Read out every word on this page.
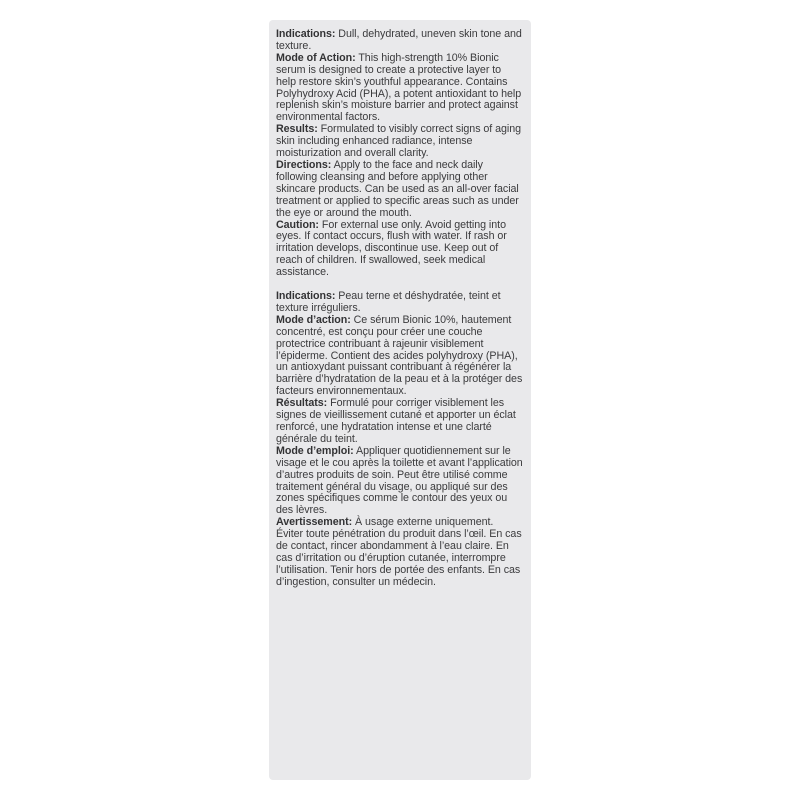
Indications: Dull, dehydrated, uneven skin tone and texture.

Mode of Action: This high-strength 10% Bionic serum is designed to create a protective layer to help restore skin’s youthful appearance. Contains Polyhydroxy Acid (PHA), a potent antioxidant to help replenish skin’s moisture barrier and protect against environmental factors.

Results: Formulated to visibly correct signs of aging skin including enhanced radiance, intense moisturization and overall clarity.

Directions: Apply to the face and neck daily following cleansing and before applying other skincare products. Can be used as an all-over facial treatment or applied to specific areas such as under the eye or around the mouth.

Caution: For external use only. Avoid getting into eyes. If contact occurs, flush with water. If rash or irritation develops, discontinue use. Keep out of reach of children. If swallowed, seek medical assistance.

Indications: Peau terne et déshydratée, teint et texture irréguliers.

Mode d’action: Ce sérum Bionic 10%, hautement concentré, est conçu pour créer une couche protectrice contribuant à rajeunir visiblement l’épiderme. Contient des acides polyhydroxy (PHA), un antioxydant puissant contribuant à régénérer la barrière d’hydratation de la peau et à la protéger des facteurs environnementaux.

Résultats: Formulé pour corriger visiblement les signes de vieillissement cutané et apporter un éclat renforcé, une hydratation intense et une clarté générale du teint.

Mode d’emploi: Appliquer quotidiennement sur le visage et le cou après la toilette et avant l’application d’autres produits de soin. Peut être utilisé comme traitement général du visage, ou appliqué sur des zones spécifiques comme le contour des yeux ou des lèvres.

Avertissement: À usage externe uniquement. Éviter toute pénétration du produit dans l’œil. En cas de contact, rincer abondamment à l’eau claire. En cas d’irritation ou d’éruption cutanée, interrompre l’utilisation. Tenir hors de portée des enfants. En cas d’ingestion, consulter un médecin.
